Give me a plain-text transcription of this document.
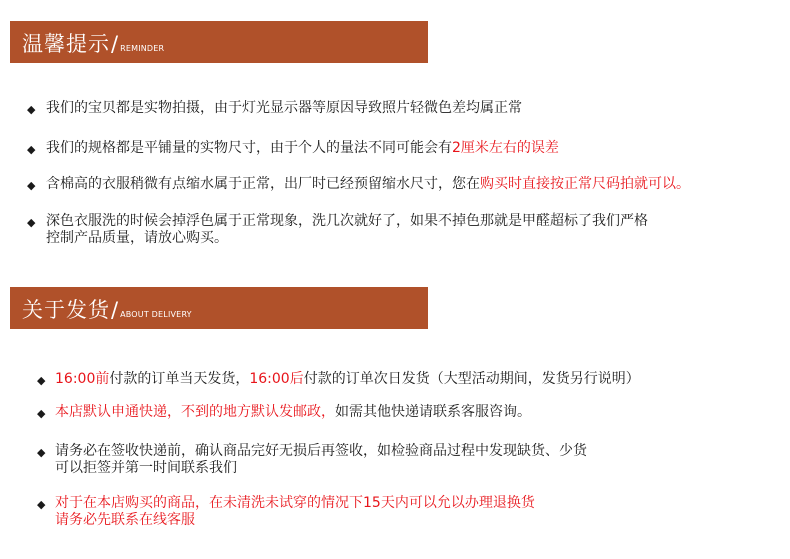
温馨提示 / REMINDER
◆ 我们的宝贝都是实物拍摄，由于灯光显示器等原因导致照片轻微色差均属正常
◆ 我们的规格都是平铺量的实物尺寸，由于个人的量法不同可能会有2厘米左右的误差
◆ 含棉高的衣服稍微有点缩水属于正常，出厂时已经预留缩水尺寸，您在购买时直接按正常尺码拍就可以。
◆ 深色衣服洗的时候会掉浮色属于正常现象，洗几次就好了，如果不掉色那就是甲醛超标了我们严格
控制产品质量，请放心购买。
关于发货 / ABOUT DELIVERY
◆ 16:00前付款的订单当天发货，16:00后付款的订单次日发货（大型活动期间，发货另行说明）
◆ 本店默认申通快递，不到的地方默认发邮政，如需其他快递请联系客服咨询。
◆ 请务必在签收快递前，确认商品完好无损后再签收，如检验商品过程中发现缺货、少货
可以拒签并第一时间联系我们
◆ 对于在本店购买的商品，在未清洗未试穿的情况下15天内可以允以办理退换货
请务必先联系在线客服
